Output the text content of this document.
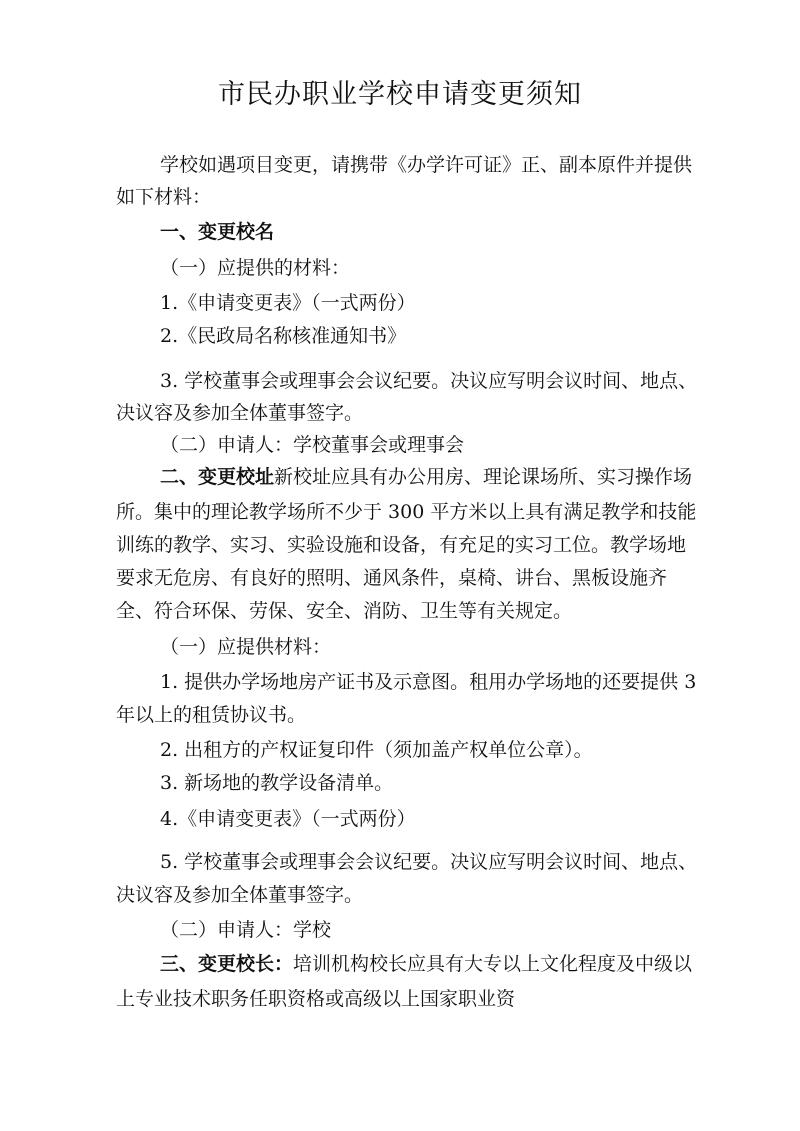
市民办职业学校申请变更须知
学校如遇项目变更，请携带《办学许可证》正、副本原件并提供
如下材料：
一、变更校名
（一）应提供的材料：
1.《申请变更表》（一式两份）
2.《民政局名称核准通知书》
3. 学校董事会或理事会会议纪要。决议应写明会议时间、地点、
决议容及参加全体董事签字。
（二）申请人：学校董事会或理事会
二、变更校址新校址应具有办公用房、理论课场所、实习操作场
所。集中的理论教学场所不少于 300 平方米以上具有满足教学和技能
训练的教学、实习、实验设施和设备，有充足的实习工位。教学场地
要求无危房、有良好的照明、通风条件，桌椅、讲台、黑板设施齐
全、符合环保、劳保、安全、消防、卫生等有关规定。
（一）应提供材料：
1. 提供办学场地房产证书及示意图。租用办学场地的还要提供 3
年以上的租赁协议书。
2. 出租方的产权证复印件（须加盖产权单位公章）。
3. 新场地的教学设备清单。
4.《申请变更表》（一式两份）
5. 学校董事会或理事会会议纪要。决议应写明会议时间、地点、
决议容及参加全体董事签字。
（二）申请人：学校
三、变更校长：培训机构校长应具有大专以上文化程度及中级以
上专业技术职务任职资格或高级以上国家职业资
